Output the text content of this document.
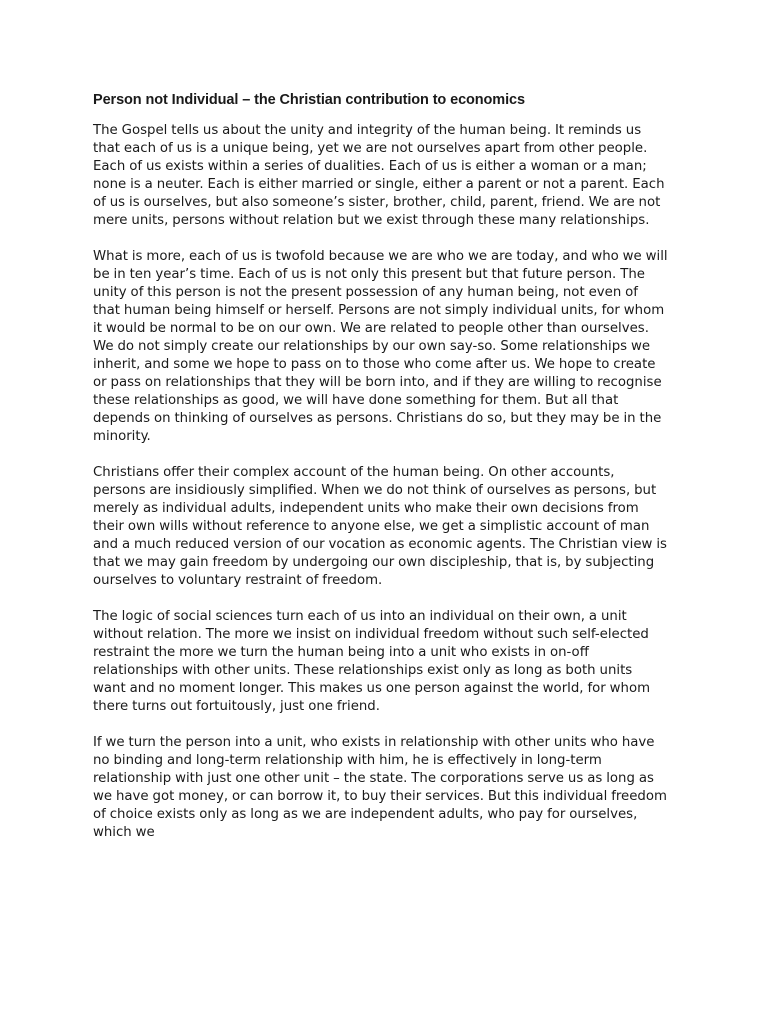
Person not Individual – the Christian contribution to economics

The Gospel tells us about the unity and integrity of the human being. It reminds us that each of us is a unique being, yet we are not ourselves apart from other people. Each of us exists within a series of dualities. Each of us is either a woman or a man; none is a neuter. Each is either married or single, either a parent or not a parent. Each of us is ourselves, but also someone’s sister, brother, child, parent, friend. We are not mere units, persons without relation but we exist through these many relationships.

What is more, each of us is twofold because we are who we are today, and who we will be in ten year’s time. Each of us is not only this present but that future person. The unity of this person is not the present possession of any human being, not even of that human being himself or herself. Persons are not simply individual units, for whom it would be normal to be on our own. We are related to people other than ourselves. We do not simply create our relationships by our own say-so. Some relationships we inherit, and some we hope to pass on to those who come after us. We hope to create or pass on relationships that they will be born into, and if they are willing to recognise these relationships as good, we will have done something for them. But all that depends on thinking of ourselves as persons. Christians do so, but they may be in the minority.

Christians offer their complex account of the human being. On other accounts, persons are insidiously simplified. When we do not think of ourselves as persons, but merely as individual adults, independent units who make their own decisions from their own wills without reference to anyone else, we get a simplistic account of man and a much reduced version of our vocation as economic agents. The Christian view is that we may gain freedom by undergoing our own discipleship, that is, by subjecting ourselves to voluntary restraint of freedom.

The logic of social sciences turn each of us into an individual on their own, a unit without relation. The more we insist on individual freedom without such self-elected restraint the more we turn the human being into a unit who exists in on-off relationships with other units. These relationships exist only as long as both units want and no moment longer. This makes us one person against the world, for whom there turns out fortuitously, just one friend.

If we turn the person into a unit, who exists in relationship with other units who have no binding and long-term relationship with him, he is effectively in long-term relationship with just one other unit – the state. The corporations serve us as long as we have got money, or can borrow it, to buy their services. But this individual freedom of choice exists only as long as we are independent adults, who pay for ourselves, which we
